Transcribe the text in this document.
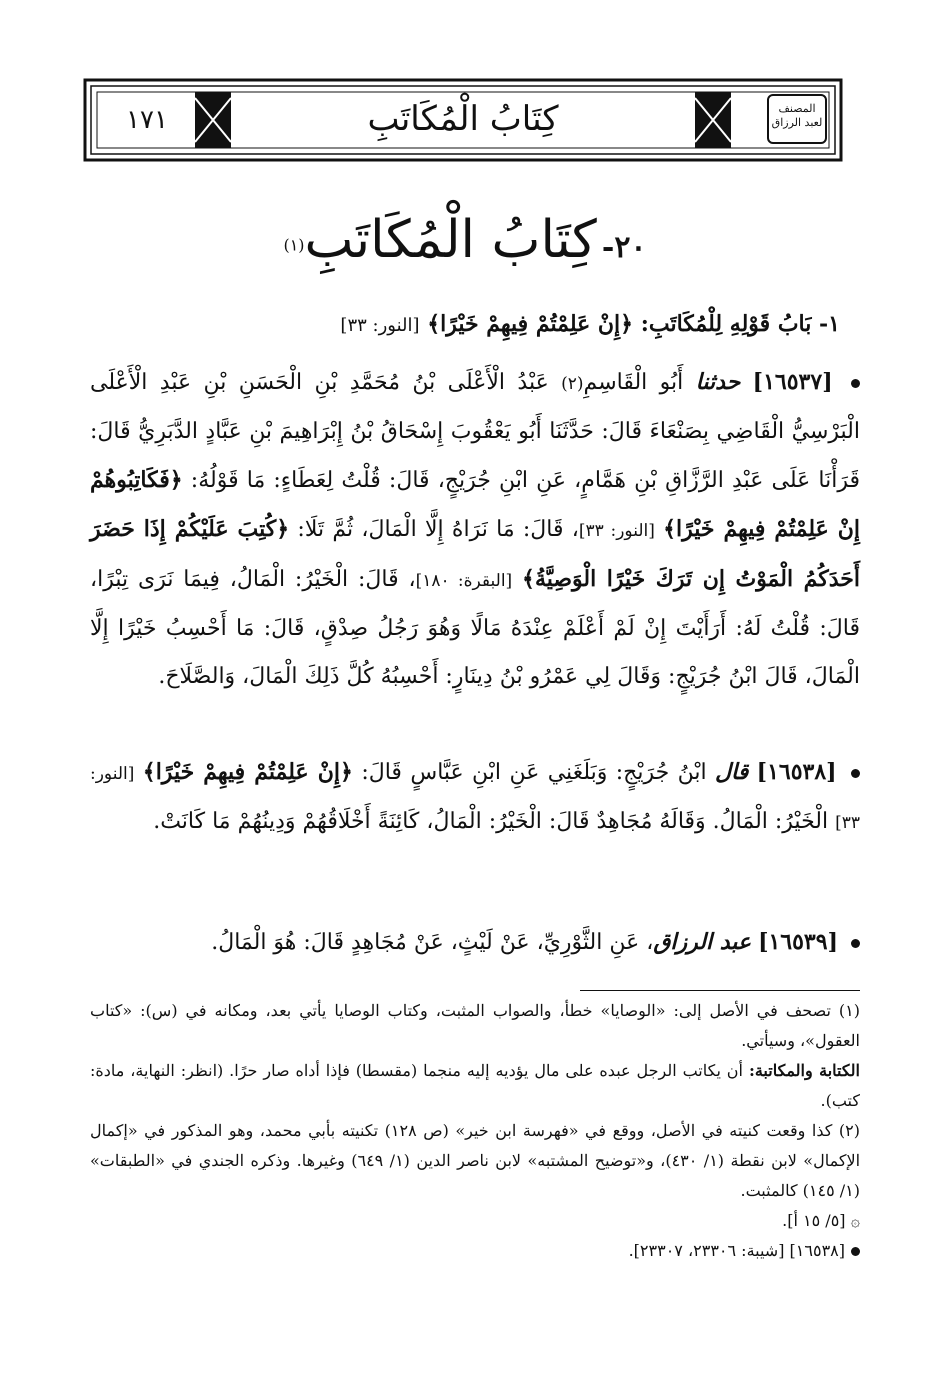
١٧١	كِتَابُ الْمُكَاتَبِ	المصنف لعبد الرزاق
٢٠- كِتَابُ الْمُكَاتَبِ(١)
١- بَابُ قَوْلِهِ لِلْمُكَاتَبِ: ﴿إِنْ عَلِمْتُمْ فِيهِمْ خَيْرًا﴾ [النور: ٣٣]

[١٦٥٣٧] حدثنا أَبُو الْقَاسِمِ(٢) عَبْدُ الْأَعْلَى بْنُ مُحَمَّدِ بْنِ الْحَسَنِ بْنِ عَبْدِ الْأَعْلَى الْبَرْسِيُّ الْقَاضِي بِصَنْعَاءَ قَالَ: حَدَّثَنَا أَبُو يَعْقُوبَ إِسْحَاقُ بْنُ إِبْرَاهِيمَ بْنِ عَبَّادٍ الدَّبَرِيُّ قَالَ: قَرَأْنَا عَلَى عَبْدِ الرَّزَّاقِ بْنِ هَمَّامٍ، عَنِ ابْنِ جُرَيْجٍ، قَالَ: قُلْتُ لِعَطَاءٍ: مَا قَوْلُهُ: ﴿فَكَاتِبُوهُمْ إِنْ عَلِمْتُمْ فِيهِمْ خَيْرًا﴾ [النور: ٣٣]، قَالَ: مَا نَرَاهُ إِلَّا الْمَالَ، ثُمَّ تَلَا: ﴿كُتِبَ عَلَيْكُمْ إِذَا حَضَرَ أَحَدَكُمُ الْمَوْتُ إِن تَرَكَ خَيْرًا الْوَصِيَّةُ﴾ [البقرة: ١٨٠]، قَالَ: الْخَيْرُ: الْمَالُ، فِيمَا نَرَى تِبْرًا، قَالَ: قُلْتُ لَهُ: أَرَأَيْتَ إِنْ لَمْ أَعْلَمْ عِنْدَهُ مَالًا وَهُوَ رَجُلُ صِدْقٍ، قَالَ: مَا أَحْسِبُ خَيْرًا إِلَّا الْمَالَ، قَالَ ابْنُ جُرَيْجٍ: وَقَالَ لِي عَمْرُو بْنُ دِينَارٍ: أَحْسِبُهُ كُلَّ ذَلِكَ الْمَالَ، وَالصَّلَاحَ.

[١٦٥٣٨] قال ابْنُ جُرَيْجٍ: وَبَلَغَنِي عَنِ ابْنِ عَبَّاسٍ قَالَ: ﴿إِنْ عَلِمْتُمْ فِيهِمْ خَيْرًا﴾ [النور: ٣٣] الْخَيْرُ: الْمَالُ. وَقَالَهُ مُجَاهِدٌ قَالَ: الْخَيْرُ: الْمَالُ، كَائِنَةً أَخْلَاقُهُمْ وَدِينُهُمْ مَا كَانَتْ.

[١٦٥٣٩] عبد الرزاق، عَنِ الثَّوْرِيِّ، عَنْ لَيْثٍ، عَنْ مُجَاهِدٍ قَالَ: هُوَ الْمَالُ.

(١) تصحف في الأصل إلى: «الوصايا» خطأ، والصواب المثبت، وكتاب الوصايا يأتي بعد، ومكانه في (س): «كتاب العقول»، وسيأتي.

الكتابة والمكاتبة: أن يكاتب الرجل عبده على مال يؤديه إليه منجما (مقسطا) فإذا أداه صار حرًا. (انظر: النهاية، مادة: كتب).

(٢) كذا وقعت كنيته في الأصل، ووقع في «فهرسة ابن خير» (ص ١٢٨) تكنيته بأبي محمد، وهو المذكور في «إكمال الإكمال» لابن نقطة (١/ ٤٣٠)، و«توضيح المشتبه» لابن ناصر الدين (١/ ٦٤٩) وغيرها. وذكره الجندي في «الطبقات» (١/ ١٤٥) كالمثبت.

۞ [٥/ ١٥ أ].

[١٦٥٣٨] [شيبة: ٢٣٣٠٦، ٢٣٣٠٧].
